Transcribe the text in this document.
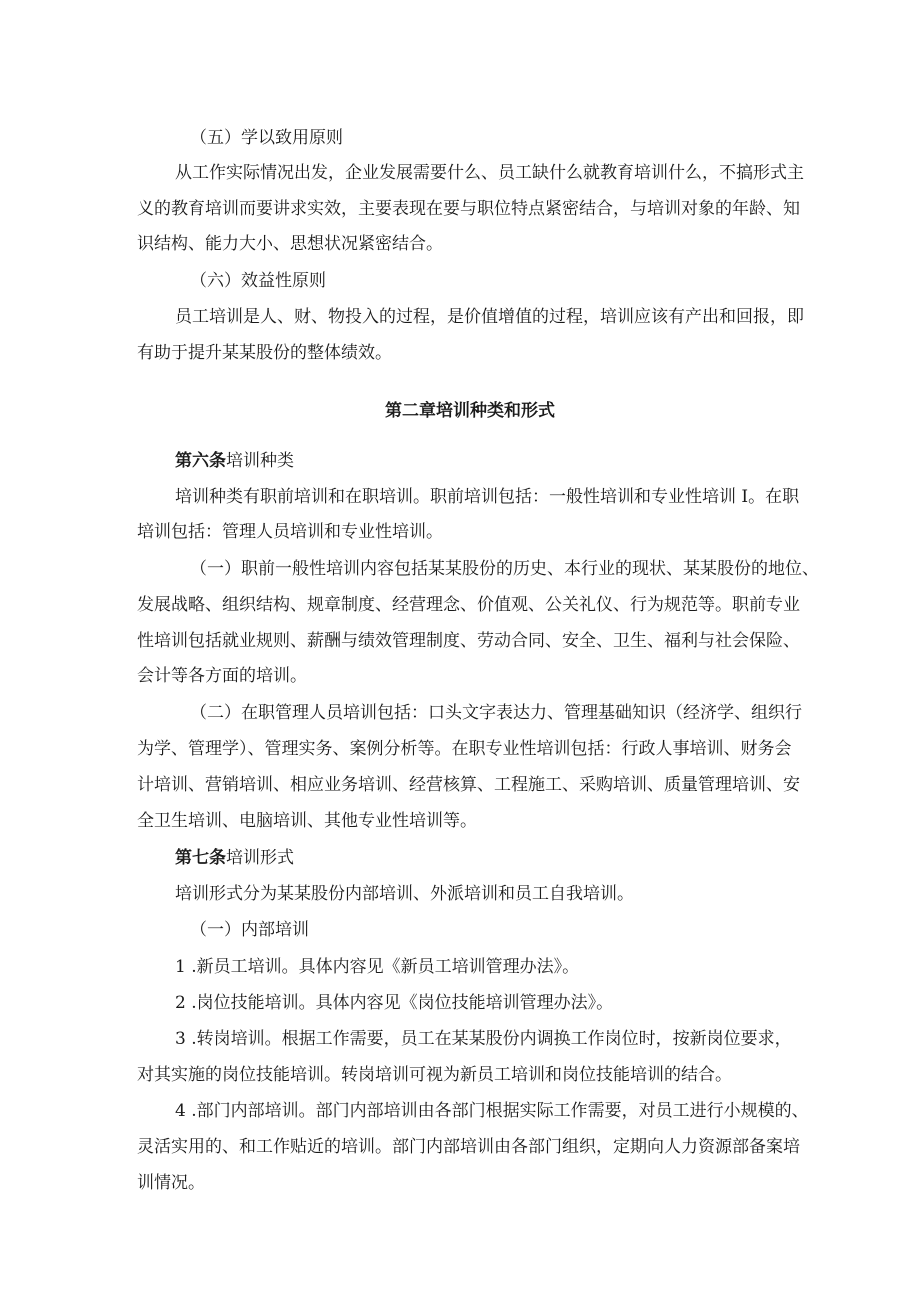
（五）学以致用原则

从工作实际情况出发，企业发展需要什么、员工缺什么就教育培训什么，不搞形式主

义的教育培训而要讲求实效，主要表现在要与职位特点紧密结合，与培训对象的年龄、知

识结构、能力大小、思想状况紧密结合。

（六）效益性原则

员工培训是人、财、物投入的过程，是价值增值的过程，培训应该有产出和回报，即

有助于提升某某股份的整体绩效。

第二章培训种类和形式

第六条培训种类

培训种类有职前培训和在职培训。职前培训包括：一般性培训和专业性培训 I。在职

培训包括：管理人员培训和专业性培训。

（一）职前一般性培训内容包括某某股份的历史、本行业的现状、某某股份的地位、

发展战略、组织结构、规章制度、经营理念、价值观、公关礼仪、行为规范等。职前专业

性培训包括就业规则、薪酬与绩效管理制度、劳动合同、安全、卫生、福利与社会保险、

会计等各方面的培训。

（二）在职管理人员培训包括：口头文字表达力、管理基础知识（经济学、组织行

为学、管理学）、管理实务、案例分析等。在职专业性培训包括：行政人事培训、财务会

计培训、营销培训、相应业务培训、经营核算、工程施工、采购培训、质量管理培训、安

全卫生培训、电脑培训、其他专业性培训等。

第七条培训形式

培训形式分为某某股份内部培训、外派培训和员工自我培训。

（一）内部培训

1 .新员工培训。具体内容见《新员工培训管理办法》。

2 .岗位技能培训。具体内容见《岗位技能培训管理办法》。

3 .转岗培训。根据工作需要，员工在某某股份内调换工作岗位时，按新岗位要求，

对其实施的岗位技能培训。转岗培训可视为新员工培训和岗位技能培训的结合。

4 .部门内部培训。部门内部培训由各部门根据实际工作需要，对员工进行小规模的、

灵活实用的、和工作贴近的培训。部门内部培训由各部门组织，定期向人力资源部备案培

训情况。
